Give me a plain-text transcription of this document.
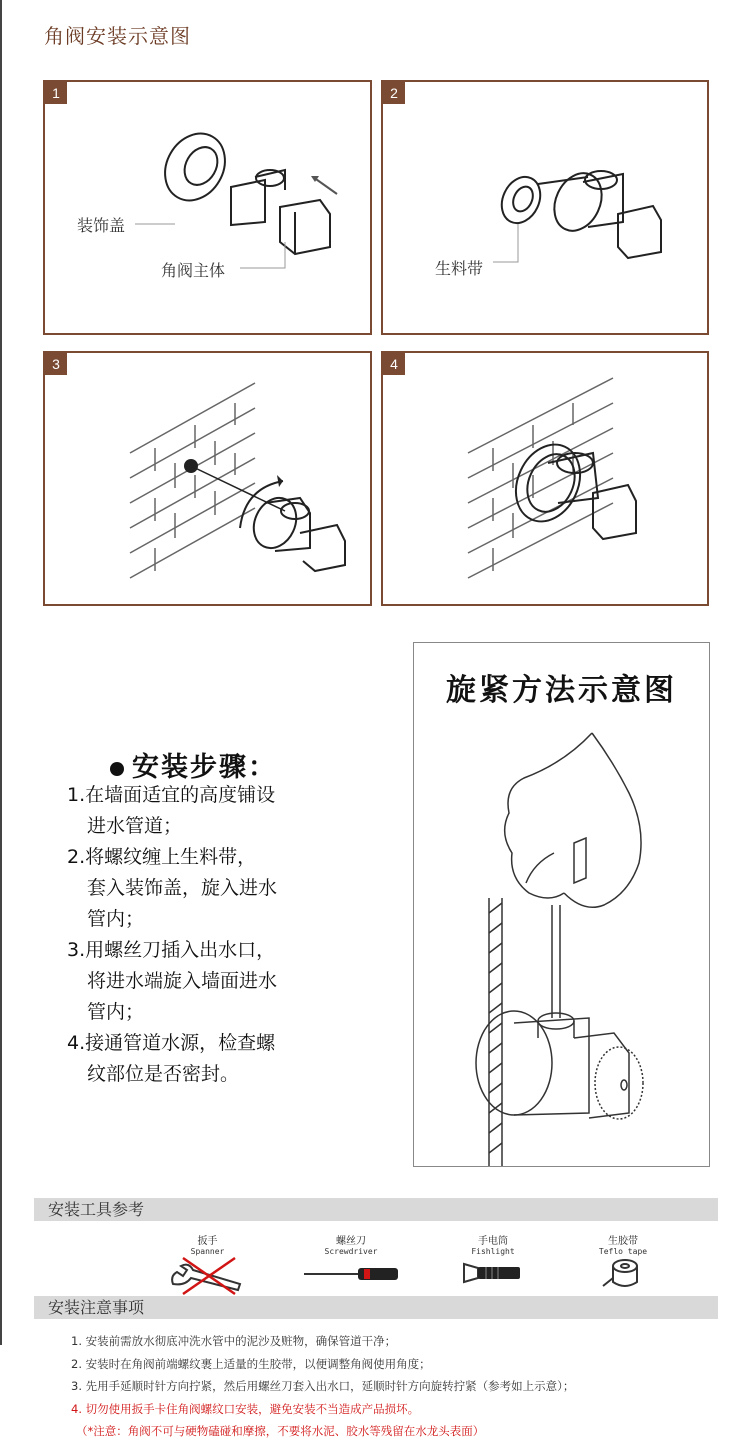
角阀安装示意图
装饰盖
角阀主体
1
生料带
2
3	4
安装步骤：
1.在墙面适宜的高度铺设
进水管道；
2.将螺纹缠上生料带，
套入装饰盖，旋入进水
管内；
3.用螺丝刀插入出水口，
将进水端旋入墙面进水
管内；
4.接通管道水源，检查螺
纹部位是否密封。
旋紧方法示意图
安装工具参考
扳手
Spanner
螺丝刀
Screwdriver
手电筒
Fishlight
生胶带
Teflo tape
安装注意事项
1. 安装前需放水彻底冲洗水管中的泥沙及赃物，确保管道干净；
2. 安装时在角阀前端螺纹裹上适量的生胶带，以便调整角阀使用角度；
3. 先用手延顺时针方向拧紧，然后用螺丝刀套入出水口，延顺时针方向旋转拧紧（参考如上示意）；
4. 切勿使用扳手卡住角阀螺纹口安装，避免安装不当造成产品损坏。
（*注意：角阀不可与硬物磕碰和摩擦，不要将水泥、胶水等残留在水龙头表面）
